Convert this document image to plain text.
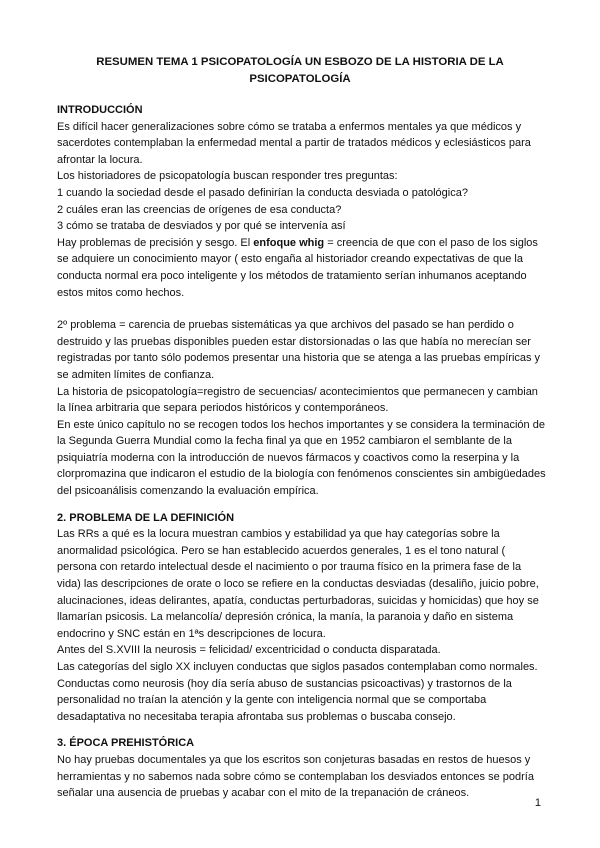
RESUMEN TEMA 1 PSICOPATOLOGÍA UN ESBOZO DE LA HISTORIA DE LA
PSICOPATOLOGÍA

INTRODUCCIÓN

Es difícil hacer generalizaciones sobre cómo se trataba a enfermos mentales ya que médicos y sacerdotes contemplaban la enfermedad mental a partir de tratados médicos y eclesiásticos para afrontar la locura.

Los historiadores de psicopatología buscan responder tres preguntas:

1 cuando la sociedad desde el pasado definirían la conducta desviada o patológica?

2 cuáles eran las creencias de orígenes de esa conducta?

3 cómo se trataba de desviados y por qué se intervenía así

Hay problemas de precisión y sesgo. El enfoque whig = creencia de que con el paso de los siglos se adquiere un conocimiento mayor ( esto engaña al historiador creando expectativas de que la conducta normal era poco inteligente y los métodos de tratamiento serían inhumanos aceptando estos mitos como hechos.

2º problema = carencia de pruebas sistemáticas ya que archivos del pasado se han perdido o destruido y las pruebas disponibles pueden estar distorsionadas o las que había no merecían ser registradas por tanto sólo podemos presentar una historia que se atenga a las pruebas empíricas y se admiten límites de confianza.

La historia de psicopatología=registro de secuencias/ acontecimientos que permanecen y cambian la línea arbitraria que separa periodos históricos y contemporáneos.

En este único capítulo no se recogen todos los hechos importantes y se considera la terminación de la Segunda Guerra Mundial como la fecha final ya que en 1952 cambiaron el semblante de la psiquiatría moderna con la introducción de nuevos fármacos y coactivos como la reserpina y la clorpromazina que indicaron el estudio de la biología con fenómenos conscientes sin ambigüedades del psicoanálisis comenzando la evaluación empírica.

2. PROBLEMA DE LA DEFINICIÓN

Las RRs a qué es la locura muestran cambios y estabilidad ya que hay categorías sobre la anormalidad psicológica. Pero se han establecido acuerdos generales, 1 es el tono natural ( persona con retardo intelectual desde el nacimiento o por trauma físico en la primera fase de la vida) las descripciones de orate o loco se refiere en la conductas desviadas (desaliño, juicio pobre, alucinaciones, ideas delirantes, apatía, conductas perturbadoras, suicidas y homicidas) que hoy se llamarían psicosis. La melancolía/ depresión crónica, la manía, la paranoia y daño en sistema endocrino y SNC están en 1ªs descripciones de locura.

Antes del S.XVIII la neurosis = felicidad/ excentricidad o conducta disparatada.

Las categorías del siglo XX incluyen conductas que siglos pasados contemplaban como normales. Conductas como neurosis (hoy día sería abuso de sustancias psicoactivas) y trastornos de la personalidad no traían la atención y la gente con inteligencia normal que se comportaba desadaptativa no necesitaba terapia afrontaba sus problemas o buscaba consejo.

3. ÉPOCA PREHISTÓRICA

No hay pruebas documentales ya que los escritos son conjeturas basadas en restos de huesos y herramientas y no sabemos nada sobre cómo se contemplaban los desviados entonces se podría señalar una ausencia de pruebas y acabar con el mito de la trepanación de cráneos.

1
